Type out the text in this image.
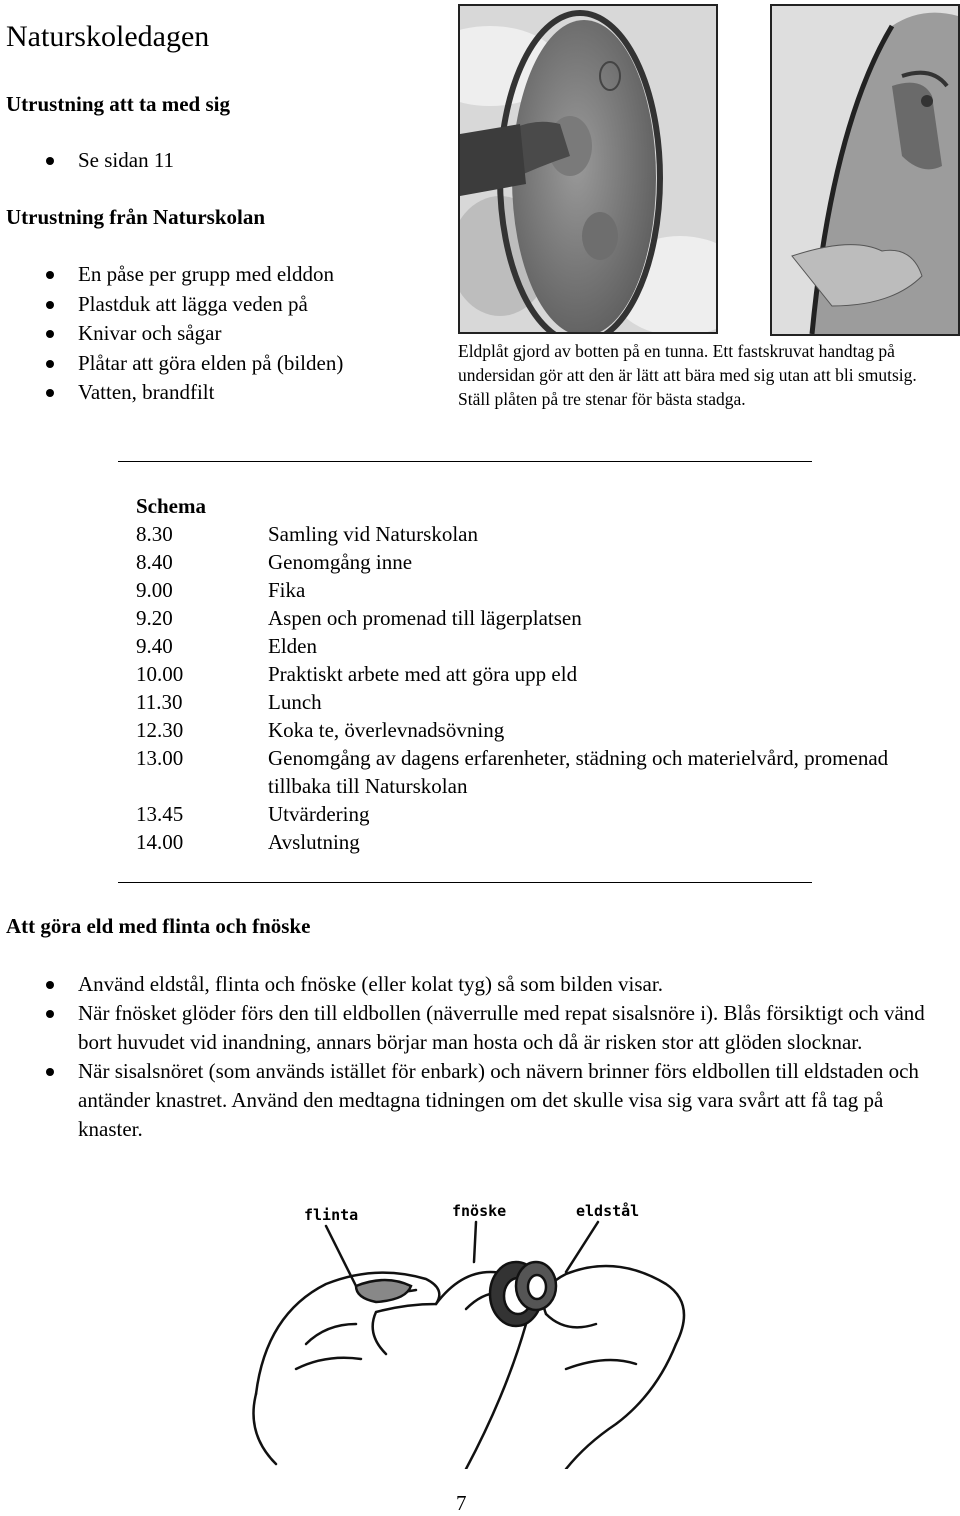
Naturskoledagen
Utrustning att ta med sig
Se sidan 11
Utrustning från Naturskolan
En påse per grupp med elddon
Plastduk att lägga veden på
Knivar och sågar
Plåtar att göra elden på (bilden)
Vatten, brandfilt
Eldplåt gjord av botten på en tunna. Ett fastskruvat handtag på undersidan gör att den är lätt att bära med sig utan att bli smutsig. Ställ plåten på tre stenar för bästa stadga.
Schema
8.30	Samling vid Naturskolan
8.40	Genomgång inne
9.00	Fika
9.20	Aspen och promenad till lägerplatsen
9.40	Elden
10.00	Praktiskt arbete med att göra upp eld
11.30	Lunch
12.30	Koka te, överlevnadsövning
13.00	Genomgång av dagens erfarenheter, städning och materielvård, promenad tillbaka till Naturskolan
13.45	Utvärdering
14.00	Avslutning
Att göra eld med flinta och fnöske
Använd eldstål, flinta och fnöske (eller kolat tyg) så som bilden visar.
När fnösket glöder förs den till eldbollen (näverrulle med repat sisalsnöre i). Blås försiktigt och vänd bort huvudet vid inandning, annars börjar man hosta och då är risken stor att glöden slocknar.
När sisalsnöret (som används istället för enbark) och nävern brinner förs eldbollen till eldstaden och antänder knastret. Använd den medtagna tidningen om det skulle visa sig vara svårt att få tag på knaster.
flinta	fnöske	eldstål
7
